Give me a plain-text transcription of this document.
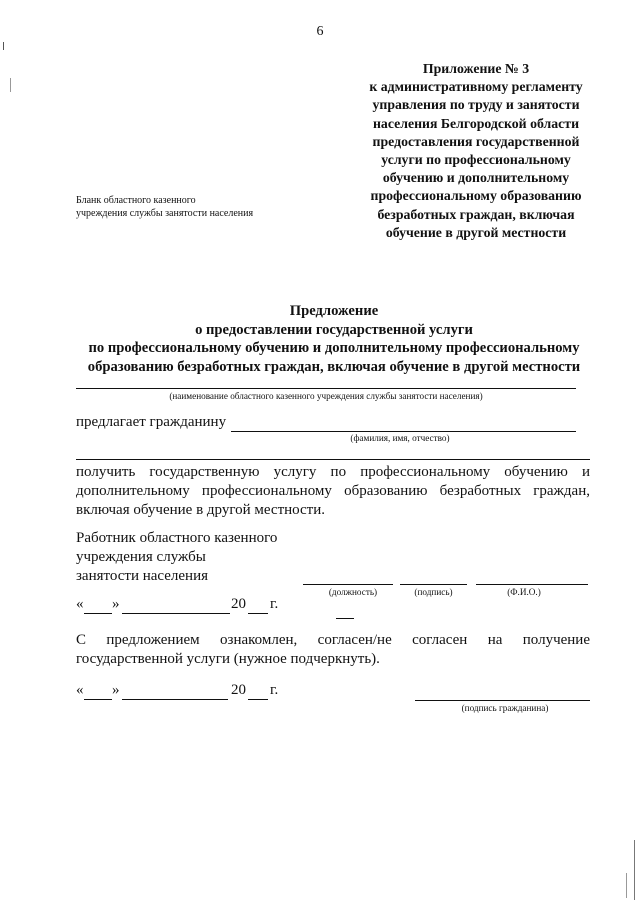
6
Приложение № 3
к административному регламенту
управления по труду и занятости
населения Белгородской области
предоставления государственной
услуги по профессиональному
обучению и дополнительному
профессиональному образованию
безработных граждан, включая
обучение в другой местности
Бланк областного казенного
учреждения службы занятости населения
Предложение
о предоставлении государственной услуги
по профессиональному обучению и дополнительному профессиональному
образованию безработных граждан, включая обучение в другой местности
(наименование областного казенного учреждения службы занятости населения)
предлагает гражданину
(фамилия, имя, отчество)
получить государственную услугу по профессиональному обучению и дополнительному профессиональному образованию безработных граждан, включая обучение в другой местности.
Работник областного казенного
учреждения службы
занятости населения
(должность)	(подпись)	(Ф.И.О.)
« »	20 г.
С предложением ознакомлен, согласен/не согласен на получение государственной услуги (нужное подчеркнуть).
« »	20 г.
(подпись гражданина)
